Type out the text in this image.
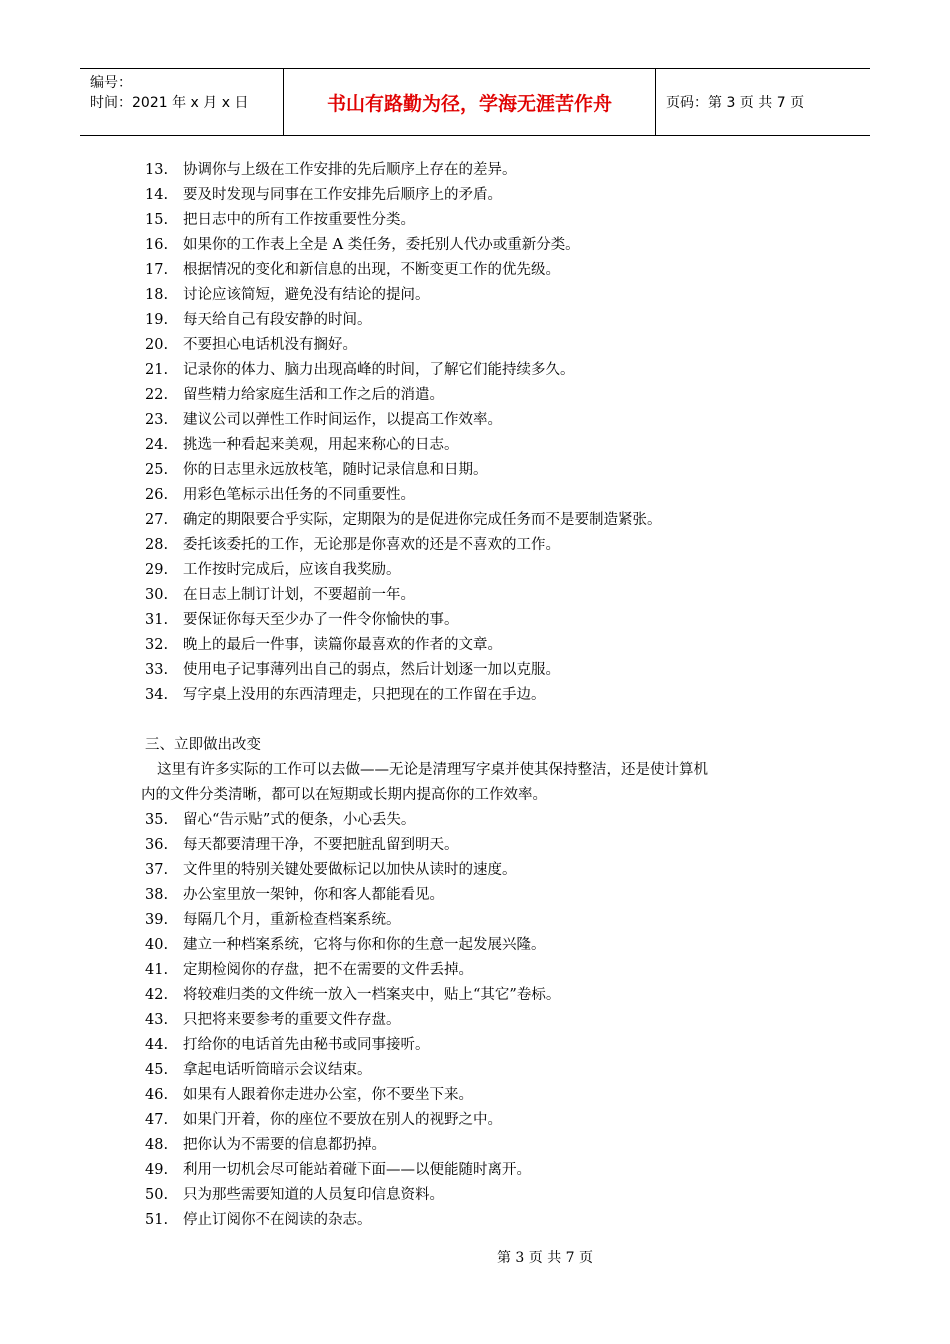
编号：
时间：2021 年 x 月 x 日	书山有路勤为径，学海无涯苦作舟	页码：第 3 页 共 7 页
13. 协调你与上级在工作安排的先后顺序上存在的差异。
14. 要及时发现与同事在工作安排先后顺序上的矛盾。
15. 把日志中的所有工作按重要性分类。
16. 如果你的工作表上全是 A 类任务，委托别人代办或重新分类。
17. 根据情况的变化和新信息的出现，不断变更工作的优先级。
18. 讨论应该简短，避免没有结论的提问。
19. 每天给自己有段安静的时间。
20. 不要担心电话机没有搁好。
21. 记录你的体力、脑力出现高峰的时间，了解它们能持续多久。
22. 留些精力给家庭生活和工作之后的消遣。
23. 建议公司以弹性工作时间运作，以提高工作效率。
24. 挑选一种看起来美观，用起来称心的日志。
25. 你的日志里永远放枝笔，随时记录信息和日期。
26. 用彩色笔标示出任务的不同重要性。
27. 确定的期限要合乎实际，定期限为的是促进你完成任务而不是要制造紧张。
28. 委托该委托的工作，无论那是你喜欢的还是不喜欢的工作。
29. 工作按时完成后，应该自我奖励。
30. 在日志上制订计划，不要超前一年。
31. 要保证你每天至少办了一件令你愉快的事。
32. 晚上的最后一件事，读篇你最喜欢的作者的文章。
33. 使用电子记事薄列出自己的弱点，然后计划逐一加以克服。
34. 写字桌上没用的东西清理走，只把现在的工作留在手边。
三、立即做出改变
这里有许多实际的工作可以去做——无论是清理写字桌并使其保持整洁，还是使计算机
内的文件分类清晰，都可以在短期或长期内提高你的工作效率。
35. 留心“告示贴”式的便条，小心丢失。
36. 每天都要清理干净，不要把脏乱留到明天。
37. 文件里的特别关键处要做标记以加快从读时的速度。
38. 办公室里放一架钟，你和客人都能看见。
39. 每隔几个月，重新检查档案系统。
40. 建立一种档案系统，它将与你和你的生意一起发展兴隆。
41. 定期检阅你的存盘，把不在需要的文件丢掉。
42. 将较难归类的文件统一放入一档案夹中，贴上“其它”卷标。
43. 只把将来要参考的重要文件存盘。
44. 打给你的电话首先由秘书或同事接听。
45. 拿起电话听筒暗示会议结束。
46. 如果有人跟着你走进办公室，你不要坐下来。
47. 如果门开着，你的座位不要放在别人的视野之中。
48. 把你认为不需要的信息都扔掉。
49. 利用一切机会尽可能站着碰下面——以便能随时离开。
50. 只为那些需要知道的人员复印信息资料。
51. 停止订阅你不在阅读的杂志。
第 3 页 共 7 页
